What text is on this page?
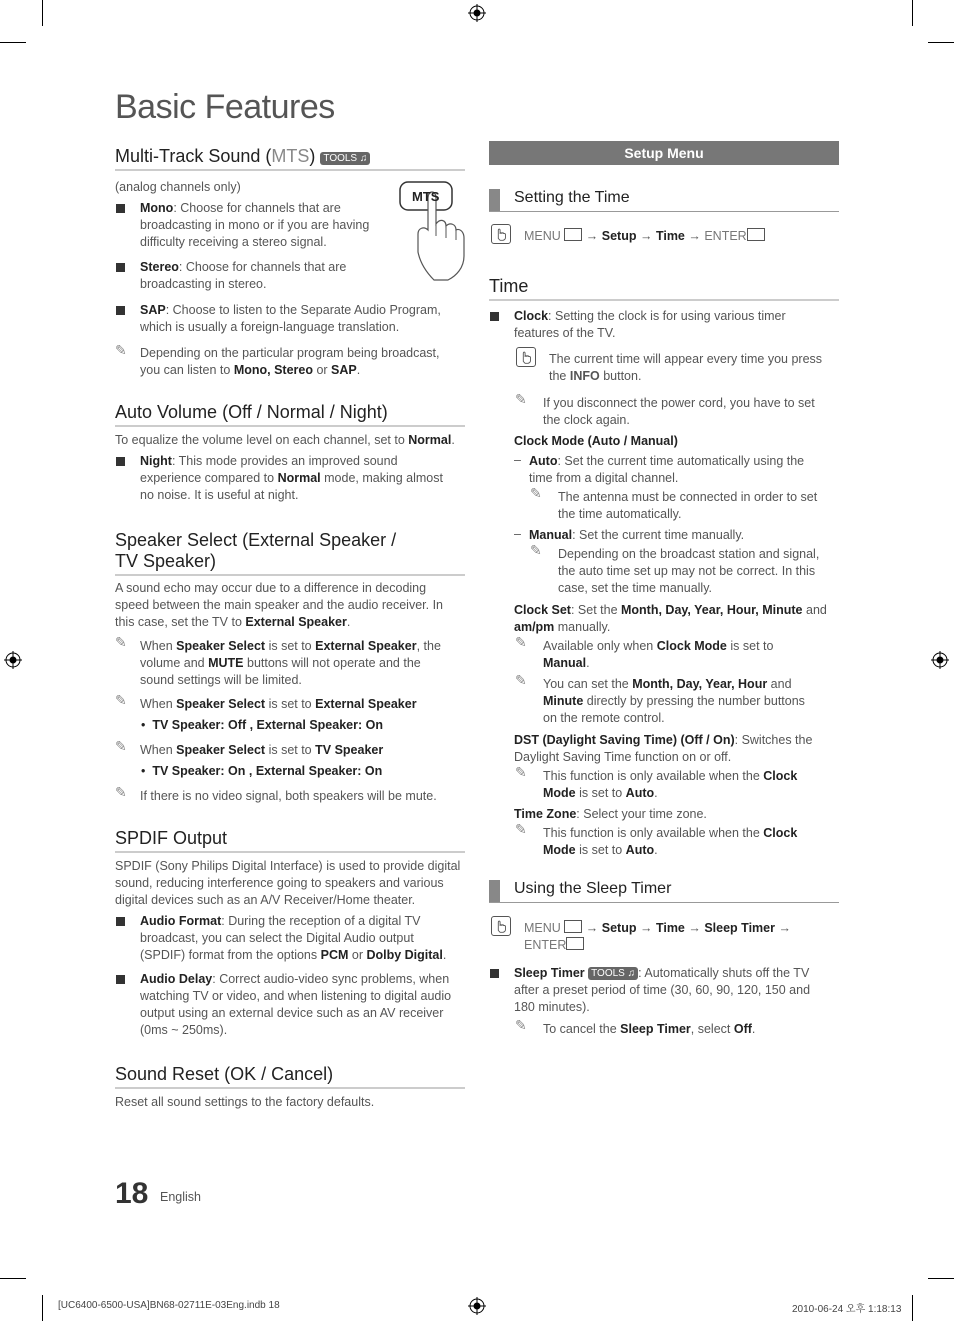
Basic Features
Multi-Track Sound (MTS) TOOLS ♫
MTS
(analog channels only)
Mono: Choose for channels that are
broadcasting in mono or if you are having
difficulty receiving a stereo signal.
Stereo: Choose for channels that are
broadcasting in stereo.
SAP: Choose to listen to the Separate Audio Program,
which is usually a foreign-language translation.
✎ Depending on the particular program being broadcast,
you can listen to Mono, Stereo or SAP.
Auto Volume (Off / Normal / Night)
To equalize the volume level on each channel, set to Normal.
Night: This mode provides an improved sound
experience compared to Normal mode, making almost
no noise. It is useful at night.
Speaker Select (External Speaker /
TV Speaker)
A sound echo may occur due to a difference in decoding
speed between the main speaker and the audio receiver. In
this case, set the TV to External Speaker.
✎ When Speaker Select is set to External Speaker, the
volume and MUTE buttons will not operate and the
sound settings will be limited.
✎ When Speaker Select is set to External Speaker
•  TV Speaker: Off , External Speaker: On
✎ When Speaker Select is set to TV Speaker
•  TV Speaker: On , External Speaker: On
✎ If there is no video signal, both speakers will be mute.
SPDIF Output
SPDIF (Sony Philips Digital Interface) is used to provide digital
sound, reducing interference going to speakers and various
digital devices such as an A/V Receiver/Home theater.
Audio Format: During the reception of a digital TV
broadcast, you can select the Digital Audio output
(SPDIF) format from the options PCM or Dolby Digital.
Audio Delay: Correct audio-video sync problems, when
watching TV or video, and when listening to digital audio
output using an external device such as an AV receiver
(0ms ~ 250ms).
Sound Reset (OK / Cancel)
Reset all sound settings to the factory defaults.
Setup Menu
Setting the Time
MENU  → Setup → Time → ENTER
Time
Clock: Setting the clock is for using various timer
features of the TV.
The current time will appear every time you press
the INFO button.
✎ If you disconnect the power cord, you have to set
the clock again.
Clock Mode (Auto / Manual)
– Auto: Set the current time automatically using the
time from a digital channel.
✎ The antenna must be connected in order to set
the time automatically.
– Manual: Set the current time manually.
✎ Depending on the broadcast station and signal,
the auto time set up may not be correct. In this
case, set the time manually.
Clock Set: Set the Month, Day, Year, Hour, Minute and
am/pm manually.
✎ Available only when Clock Mode is set to
Manual.
✎ You can set the Month, Day, Year, Hour and
Minute directly by pressing the number buttons
on the remote control.
DST (Daylight Saving Time) (Off / On): Switches the
Daylight Saving Time function on or off.
✎ This function is only available when the Clock
Mode is set to Auto.
Time Zone: Select your time zone.
✎ This function is only available when the Clock
Mode is set to Auto.
Using the Sleep Timer
MENU  → Setup → Time → Sleep Timer →
ENTER
Sleep Timer TOOLS ♫ : Automatically shuts off the TV
after a preset period of time (30, 60, 90, 120, 150 and
180 minutes).
✎ To cancel the Sleep Timer, select Off.
18 English
[UC6400-6500-USA]BN68-02711E-03Eng.indb 18	2010-06-24 오후 1:18:13
